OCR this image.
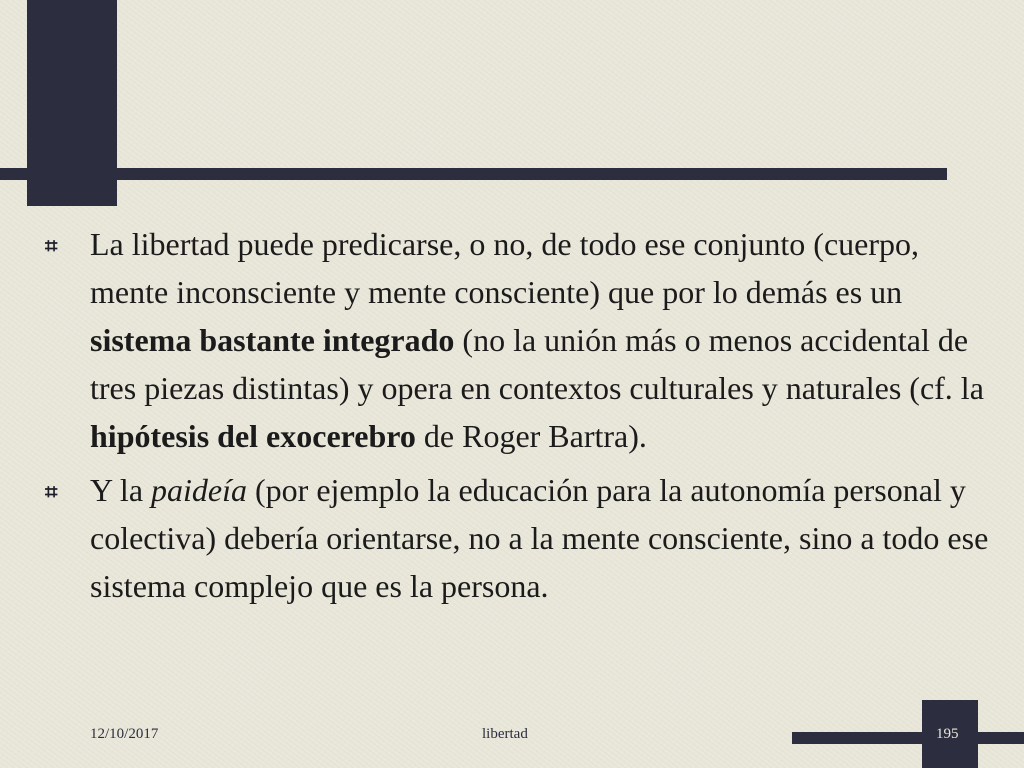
⌗ La libertad puede predicarse, o no, de todo ese conjunto (cuerpo, mente inconsciente y mente consciente) que por lo demás es un sistema bastante integrado (no la unión más o menos accidental de tres piezas distintas) y opera en contextos culturales y naturales (cf. la hipótesis del exocerebro de Roger Bartra).
⌗ Y la paideía (por ejemplo la educación para la autonomía personal y colectiva) debería orientarse, no a la mente consciente, sino a todo ese sistema complejo que es la persona.
12/10/2017	libertad	195
